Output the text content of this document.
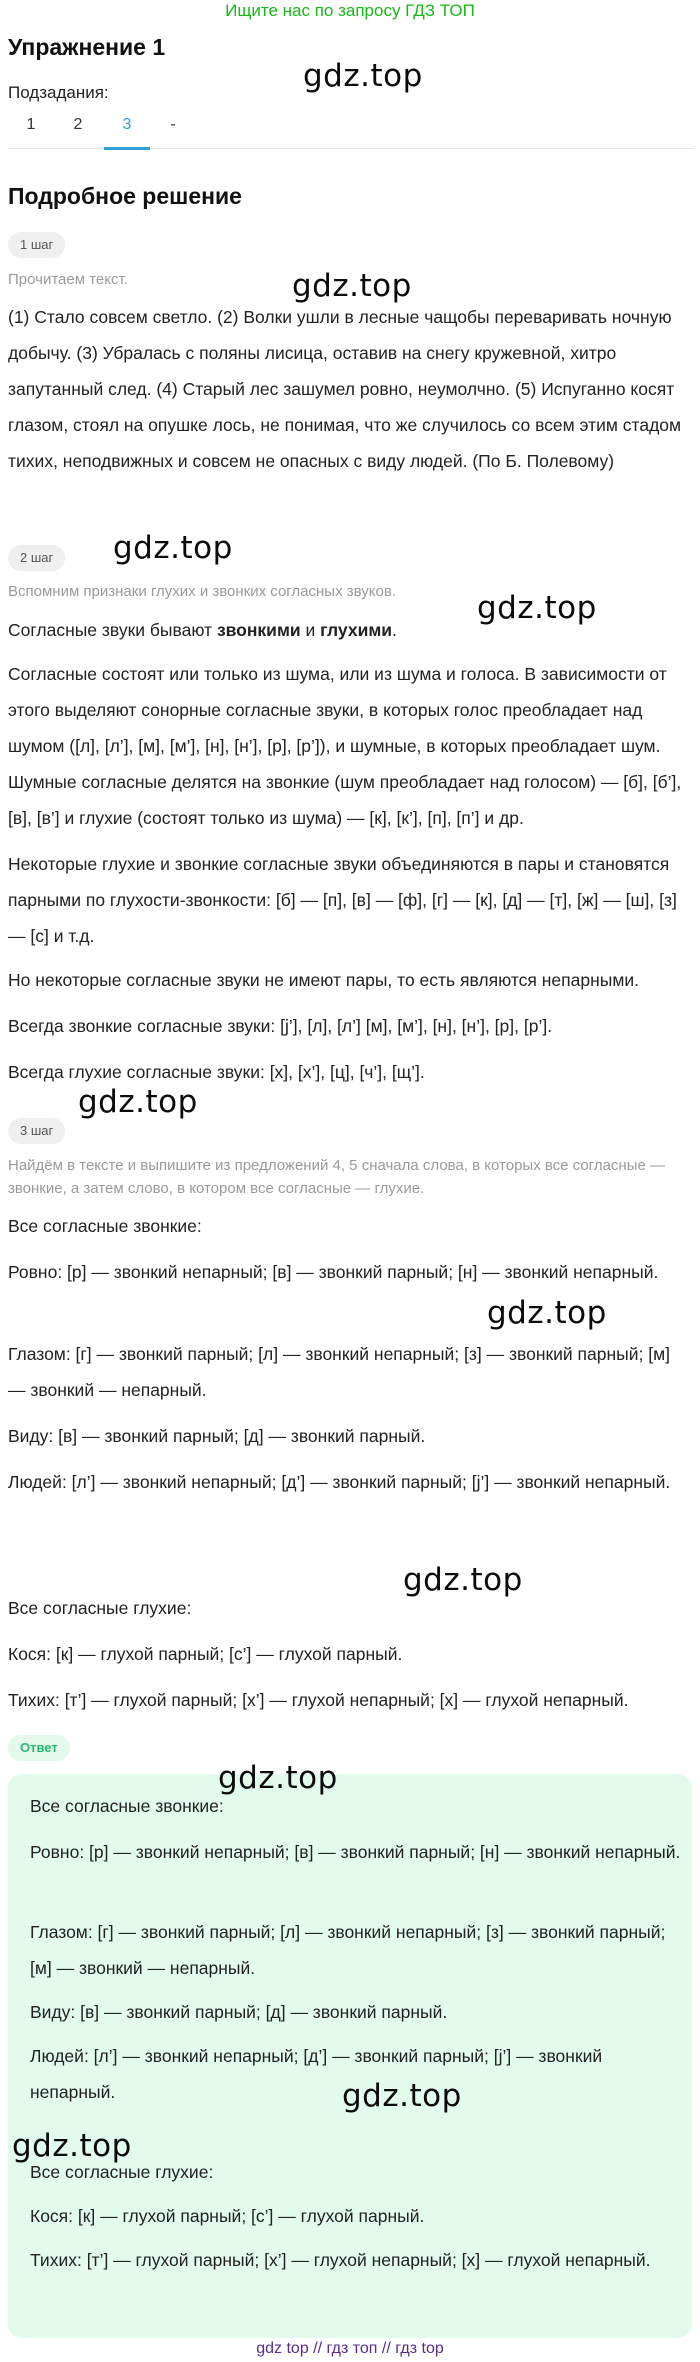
Ищите нас по запросу ГДЗ ТОП
Упражнение 1
Подзадания:
1	2	3	-
gdz.top
gdz.top
gdz.top
gdz.top
gdz.top
gdz.top
gdz.top
Подробное решение
1 шаг
Прочитаем текст.
(1) Стало совсем светло. (2) Волки ушли в лесные чащобы переваривать ночную добычу. (3) Убралась с поляны лисица, оставив на снегу кружевной, хитро запутанный след. (4) Старый лес зашумел ровно, неумолчно. (5) Испуганно косят глазом, стоял на опушке лось, не понимая, что же случилось со всем этим стадом тихих, неподвижных и совсем не опасных с виду людей. (По Б. Полевому)
2 шаг
Вспомним признаки глухих и звонких согласных звуков.
Согласные звуки бывают звонкими и глухими.
Согласные состоят или только из шума, или из шума и голоса. В зависимости от этого выделяют сонорные согласные звуки, в которых голос преобладает над шумом ([л], [л’], [м], [м’], [н], [н’], [р], [р’]), и шумные, в которых преобладает шум. Шумные согласные делятся на звонкие (шум преобладает над голосом) — [б], [б’], [в], [в’] и глухие (состоят только из шума) — [к], [к’], [п], [п’] и др.
Некоторые глухие и звонкие согласные звуки объединяются в пары и становятся парными по глухости-звонкости: [б] — [п], [в] — [ф], [г] — [к], [д] — [т], [ж] — [ш], [з] — [с] и т.д.
Но некоторые согласные звуки не имеют пары, то есть являются непарными.
Всегда звонкие согласные звуки: [j’], [л], [л’] [м], [м’], [н], [н’], [р], [р’].
Всегда глухие согласные звуки: [х], [х’], [ц], [ч’], [щ’].
3 шаг
Найдём в тексте и выпишите из предложений 4, 5 сначала слова, в которых все согласные — звонкие, а затем слово, в котором все согласные — глухие.
Все согласные звонкие:
Ровно: [р] — звонкий непарный; [в] — звонкий парный; [н] — звонкий непарный.
Глазом: [г] — звонкий парный; [л] — звонкий непарный; [з] — звонкий парный; [м] — звонкий — непарный.
Виду: [в] — звонкий парный; [д] — звонкий парный.
Людей: [л’] — звонкий непарный; [д’] — звонкий парный; [j’] — звонкий непарный.
Все согласные глухие:
Кося: [к] — глухой парный; [с’] — глухой парный.
Тихих: [т’] — глухой парный; [х’] — глухой непарный; [х] — глухой непарный.
Ответ
Все согласные звонкие:
Ровно: [р] — звонкий непарный; [в] — звонкий парный; [н] — звонкий непарный.
Глазом: [г] — звонкий парный; [л] — звонкий непарный; [з] — звонкий парный; [м] — звонкий — непарный.
Виду: [в] — звонкий парный; [д] — звонкий парный.
Людей: [л’] — звонкий непарный; [д’] — звонкий парный; [j’] — звонкий непарный.
Все согласные глухие:
Кося: [к] — глухой парный; [с’] — глухой парный.
Тихих: [т’] — глухой парный; [х’] — глухой непарный; [х] — глухой непарный.
gdz.top
gdz.top
gdz.top
gdz top // гдз топ // гдз top
